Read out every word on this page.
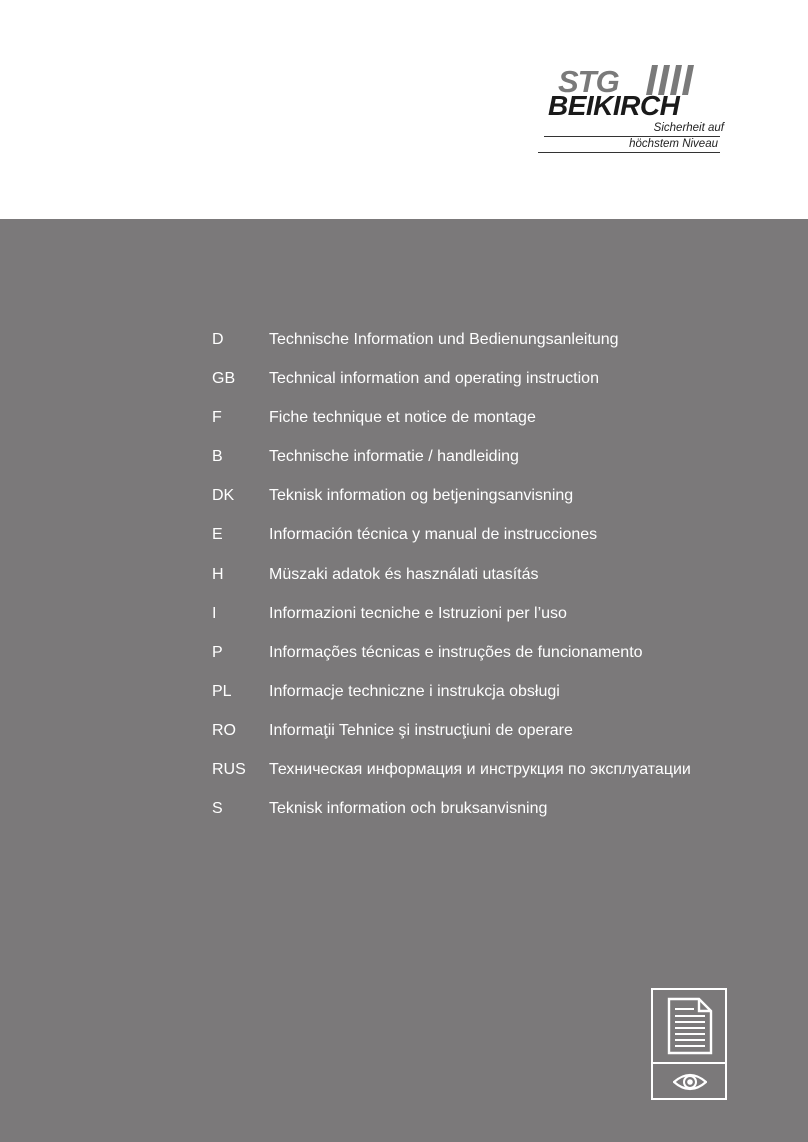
STG
BEIKIRCH
Sicherheit auf
höchstem Niveau
D	Technische Information und Bedienungsanleitung
GB Technical information and operating instruction
F	Fiche technique et notice de montage
B	Technische informatie / handleiding
DK Teknisk information og betjeningsanvisning
E	Información técnica y manual de instrucciones
H	Müszaki adatok és használati utasítás
I	Informazioni tecniche e Istruzioni per l’uso
P	Informações técnicas e instruções de funcionamento
PL Informacje techniczne i instrukcja obsługi
RO Informaţii Tehnice şi instrucţiuni de operare
RUS Техническая информация и инструкция по эксплуатации
S	Teknisk information och bruksanvisning
